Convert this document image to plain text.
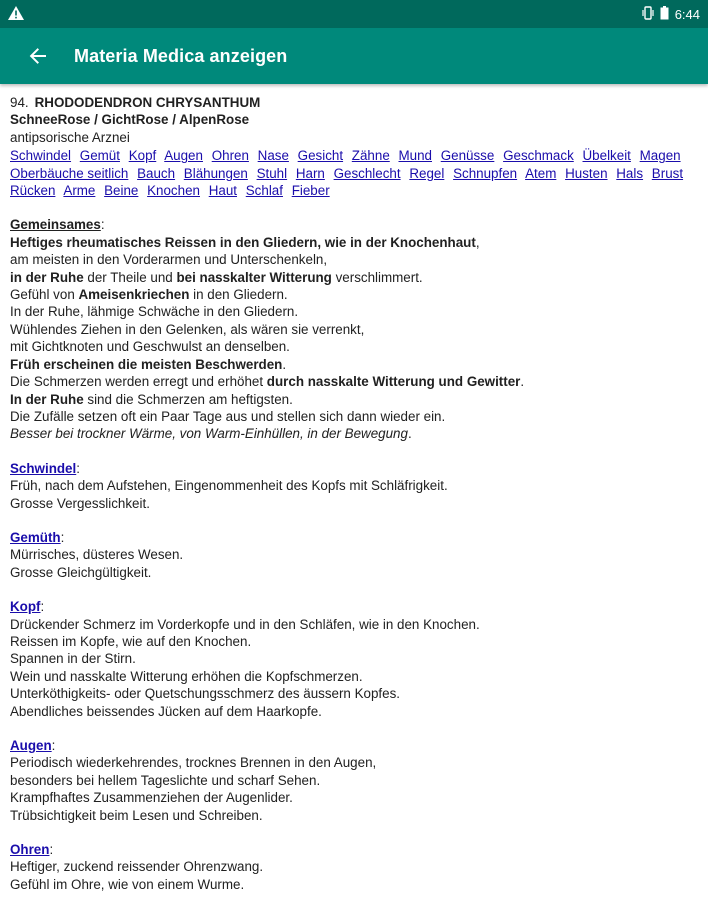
6:44
Materia Medica anzeigen
94. RHODODENDRON CHRYSANTHUM
SchneeRose / GichtRose / AlpenRose
antipsorische Arznei
Schwindel Gemüt Kopf Augen Ohren Nase Gesicht Zähne Mund Genüsse Geschmack Übelkeit Magen Oberbäuche seitlich Bauch Blähungen Stuhl Harn Geschlecht Regel Schnupfen Atem Husten Hals Brust Rücken Arme Beine Knochen Haut Schlaf Fieber
Gemeinsames:
Heftiges rheumatisches Reissen in den Gliedern, wie in der Knochenhaut,
am meisten in den Vorderarmen und Unterschenkeln,
in der Ruhe der Theile und bei nasskalter Witterung verschlimmert.
Gefühl von Ameisenkriechen in den Gliedern.
In der Ruhe, lähmige Schwäche in den Gliedern.
Wühlendes Ziehen in den Gelenken, als wären sie verrenkt,
mit Gichtknoten und Geschwulst an denselben.
Früh erscheinen die meisten Beschwerden.
Die Schmerzen werden erregt und erhöhet durch nasskalte Witterung und Gewitter.
In der Ruhe sind die Schmerzen am heftigsten.
Die Zufälle setzen oft ein Paar Tage aus und stellen sich dann wieder ein.
Besser bei trockner Wärme, von Warm-Einhüllen, in der Bewegung.
Schwindel:
Früh, nach dem Aufstehen, Eingenommenheit des Kopfs mit Schläfrigkeit.
Grosse Vergesslichkeit.
Gemüth:
Mürrisches, düsteres Wesen.
Grosse Gleichgültigkeit.
Kopf:
Drückender Schmerz im Vorderkopfe und in den Schläfen, wie in den Knochen.
Reissen im Kopfe, wie auf den Knochen.
Spannen in der Stirn.
Wein und nasskalte Witterung erhöhen die Kopfschmerzen.
Unterköthigkeits- oder Quetschungsschmerz des äussern Kopfes.
Abendliches beissendes Jücken auf dem Haarkopfe.
Augen:
Periodisch wiederkehrendes, trocknes Brennen in den Augen,
besonders bei hellem Tageslichte und scharf Sehen.
Krampfhaftes Zusammenziehen der Augenlider.
Trübsichtigkeit beim Lesen und Schreiben.
Ohren:
Heftiger, zuckend reissender Ohrenzwang.
Gefühl im Ohre, wie von einem Wurme.
